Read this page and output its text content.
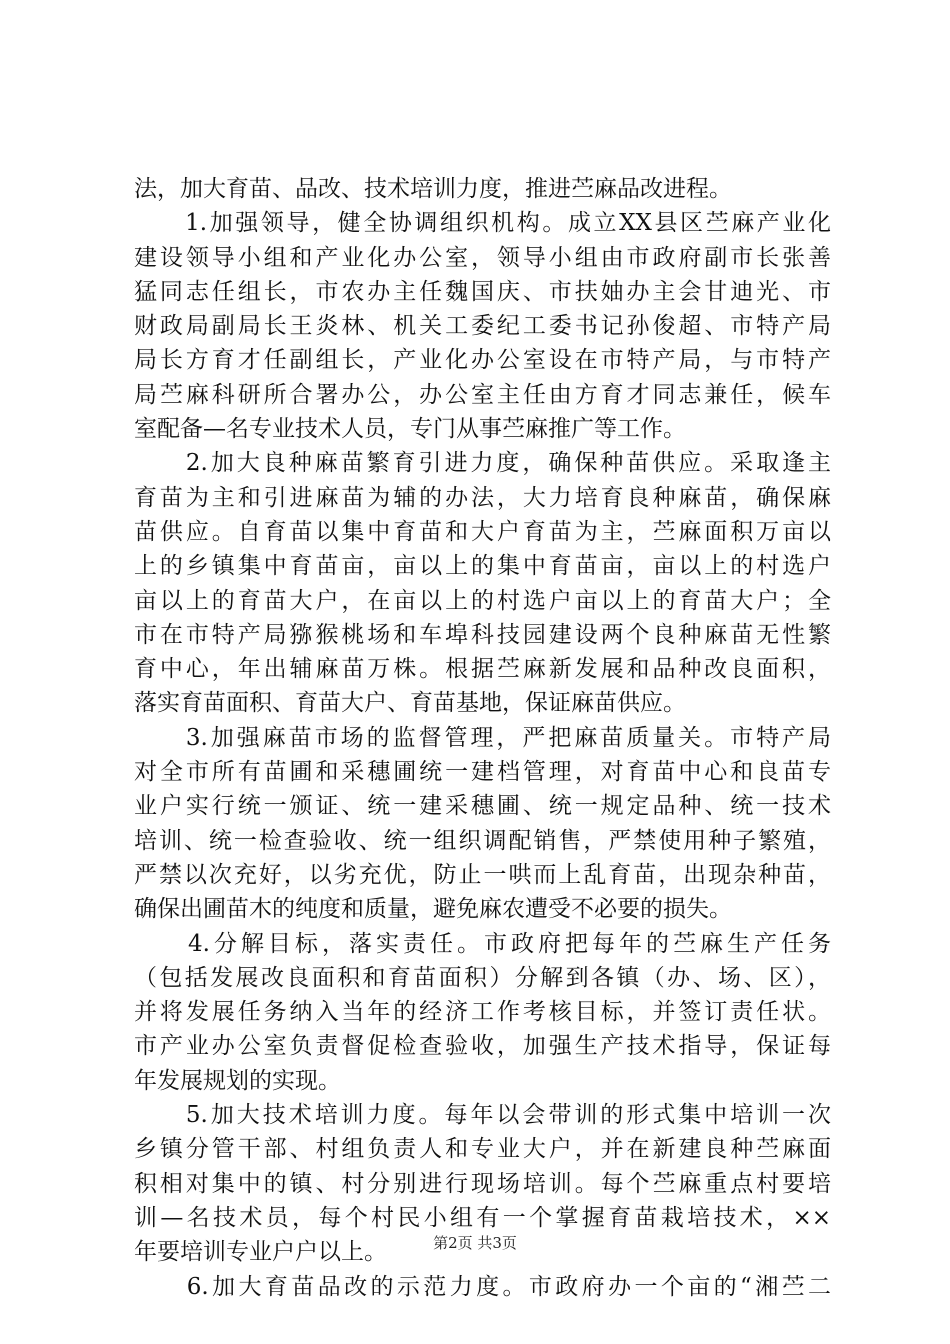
法，加大育苗、品改、技术培训力度，推进苎麻品改进程。
　　1.加强领导，健全协调组织机构。成立XX县区苎麻产业化
建设领导小组和产业化办公室，领导小组由市政府副市长张善
猛同志任组长，市农办主任魏国庆、市扶妯办主会甘迪光、市
财政局副局长王炎林、机关工委纪工委书记孙俊超、市特产局
局长方育才任副组长，产业化办公室设在市特产局，与市特产
局苎麻科研所合署办公，办公室主任由方育才同志兼任，候车
室配备—名专业技术人员，专门从事苎麻推广等工作。
　　2.加大良种麻苗繁育引进力度，确保种苗供应。采取逢主
育苗为主和引进麻苗为辅的办法，大力培育良种麻苗，确保麻
苗供应。自育苗以集中育苗和大户育苗为主，苎麻面积万亩以
上的乡镇集中育苗亩，亩以上的集中育苗亩，亩以上的村选户
亩以上的育苗大户，在亩以上的村选户亩以上的育苗大户；全
市在市特产局猕猴桃场和车埠科技园建设两个良种麻苗无性繁
育中心，年出辅麻苗万株。根据苎麻新发展和品种改良面积，
落实育苗面积、育苗大户、育苗基地，保证麻苗供应。
　　3.加强麻苗市场的监督管理，严把麻苗质量关。市特产局
对全市所有苗圃和采穗圃统一建档管理，对育苗中心和良苗专
业户实行统一颁证、统一建采穗圃、统一规定品种、统一技术
培训、统一检查验收、统一组织调配销售，严禁使用种子繁殖，
严禁以次充好，以劣充优，防止一哄而上乱育苗，出现杂种苗，
确保出圃苗木的纯度和质量，避免麻农遭受不必要的损失。
　　4.分解目标，落实责任。市政府把每年的苎麻生产任务
（包括发展改良面积和育苗面积）分解到各镇（办、场、区），
并将发展任务纳入当年的经济工作考核目标，并签订责任状。
市产业办公室负责督促检查验收，加强生产技术指导，保证每
年发展规划的实现。
　　5.加大技术培训力度。每年以会带训的形式集中培训一次
乡镇分管干部、村组负责人和专业大户，并在新建良种苎麻面
积相对集中的镇、村分别进行现场培训。每个苎麻重点村要培
训—名技术员，每个村民小组有一个掌握育苗栽培技术，××
年要培训专业户户以上。
　　6.加大育苗品改的示范力度。市政府办一个亩的“湘苎二
第2页 共3页
